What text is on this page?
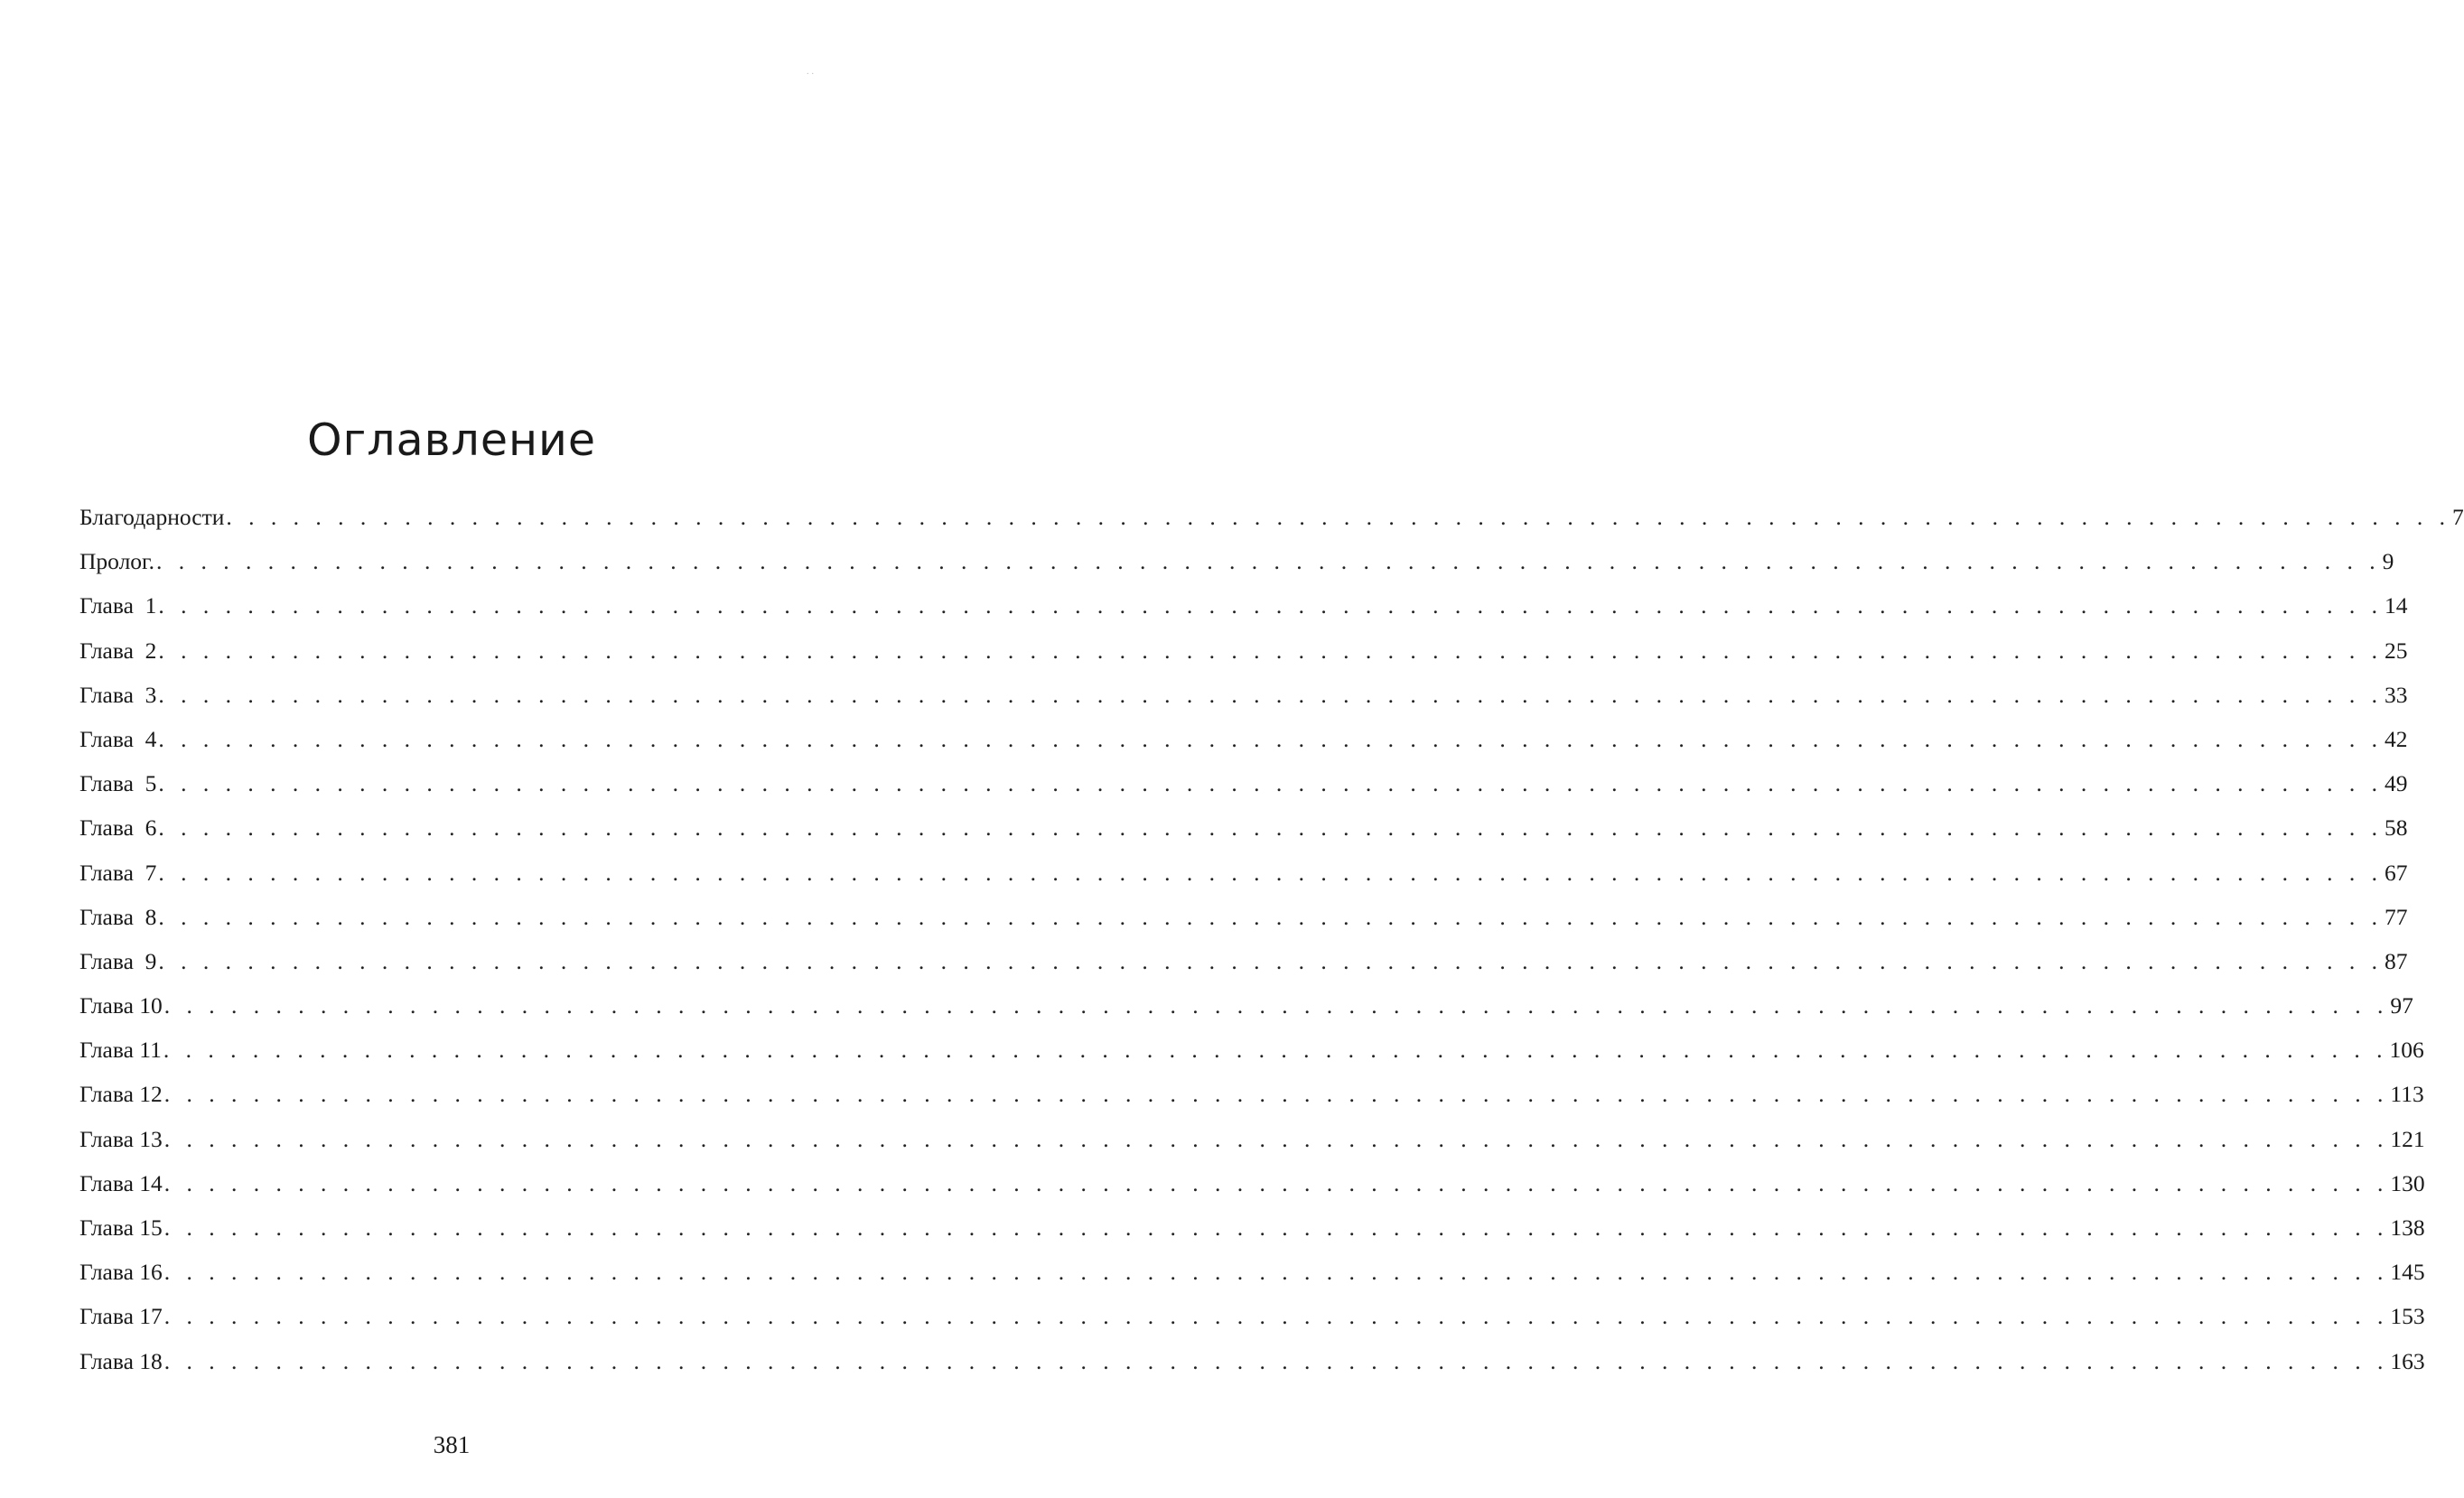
..
Оглавление
Благодарности . . . . . . . . . . . . . . . . . . . . . . . . . . . . . . . . . . . . . . . . . . . . . . . . . . . . . . . . . . . . . . . . . . . . . . . . . . . . . . . . . . . . . . . . . . . . . . . . . . . . 7
Пролог. . . . . . . . . . . . . . . . . . . . . . . . . . . . . . . . . . . . . . . . . . . . . . . . . . . . . . . . . . . . . . . . . . . . . . . . . . . . . . . . . . . . . . . . . . . . . . . . . . . . . 9
Глава  1 . . . . . . . . . . . . . . . . . . . . . . . . . . . . . . . . . . . . . . . . . . . . . . . . . . . . . . . . . . . . . . . . . . . . . . . . . . . . . . . . . . . . . . . . . . . . . . . . . . . . 14
Глава  2 . . . . . . . . . . . . . . . . . . . . . . . . . . . . . . . . . . . . . . . . . . . . . . . . . . . . . . . . . . . . . . . . . . . . . . . . . . . . . . . . . . . . . . . . . . . . . . . . . . . . 25
Глава  3 . . . . . . . . . . . . . . . . . . . . . . . . . . . . . . . . . . . . . . . . . . . . . . . . . . . . . . . . . . . . . . . . . . . . . . . . . . . . . . . . . . . . . . . . . . . . . . . . . . . . 33
Глава  4 . . . . . . . . . . . . . . . . . . . . . . . . . . . . . . . . . . . . . . . . . . . . . . . . . . . . . . . . . . . . . . . . . . . . . . . . . . . . . . . . . . . . . . . . . . . . . . . . . . . . 42
Глава  5 . . . . . . . . . . . . . . . . . . . . . . . . . . . . . . . . . . . . . . . . . . . . . . . . . . . . . . . . . . . . . . . . . . . . . . . . . . . . . . . . . . . . . . . . . . . . . . . . . . . . 49
Глава  6 . . . . . . . . . . . . . . . . . . . . . . . . . . . . . . . . . . . . . . . . . . . . . . . . . . . . . . . . . . . . . . . . . . . . . . . . . . . . . . . . . . . . . . . . . . . . . . . . . . . . 58
Глава  7 . . . . . . . . . . . . . . . . . . . . . . . . . . . . . . . . . . . . . . . . . . . . . . . . . . . . . . . . . . . . . . . . . . . . . . . . . . . . . . . . . . . . . . . . . . . . . . . . . . . . 67
Глава  8 . . . . . . . . . . . . . . . . . . . . . . . . . . . . . . . . . . . . . . . . . . . . . . . . . . . . . . . . . . . . . . . . . . . . . . . . . . . . . . . . . . . . . . . . . . . . . . . . . . . . 77
Глава  9 . . . . . . . . . . . . . . . . . . . . . . . . . . . . . . . . . . . . . . . . . . . . . . . . . . . . . . . . . . . . . . . . . . . . . . . . . . . . . . . . . . . . . . . . . . . . . . . . . . . . 87
Глава 10 . . . . . . . . . . . . . . . . . . . . . . . . . . . . . . . . . . . . . . . . . . . . . . . . . . . . . . . . . . . . . . . . . . . . . . . . . . . . . . . . . . . . . . . . . . . . . . . . . . . . 97
Глава 11 . . . . . . . . . . . . . . . . . . . . . . . . . . . . . . . . . . . . . . . . . . . . . . . . . . . . . . . . . . . . . . . . . . . . . . . . . . . . . . . . . . . . . . . . . . . . . . . . . . . . 106
Глава 12 . . . . . . . . . . . . . . . . . . . . . . . . . . . . . . . . . . . . . . . . . . . . . . . . . . . . . . . . . . . . . . . . . . . . . . . . . . . . . . . . . . . . . . . . . . . . . . . . . . . . 113
Глава 13 . . . . . . . . . . . . . . . . . . . . . . . . . . . . . . . . . . . . . . . . . . . . . . . . . . . . . . . . . . . . . . . . . . . . . . . . . . . . . . . . . . . . . . . . . . . . . . . . . . . . 121
Глава 14 . . . . . . . . . . . . . . . . . . . . . . . . . . . . . . . . . . . . . . . . . . . . . . . . . . . . . . . . . . . . . . . . . . . . . . . . . . . . . . . . . . . . . . . . . . . . . . . . . . . . 130
Глава 15 . . . . . . . . . . . . . . . . . . . . . . . . . . . . . . . . . . . . . . . . . . . . . . . . . . . . . . . . . . . . . . . . . . . . . . . . . . . . . . . . . . . . . . . . . . . . . . . . . . . . 138
Глава 16 . . . . . . . . . . . . . . . . . . . . . . . . . . . . . . . . . . . . . . . . . . . . . . . . . . . . . . . . . . . . . . . . . . . . . . . . . . . . . . . . . . . . . . . . . . . . . . . . . . . . 145
Глава 17 . . . . . . . . . . . . . . . . . . . . . . . . . . . . . . . . . . . . . . . . . . . . . . . . . . . . . . . . . . . . . . . . . . . . . . . . . . . . . . . . . . . . . . . . . . . . . . . . . . . . 153
Глава 18 . . . . . . . . . . . . . . . . . . . . . . . . . . . . . . . . . . . . . . . . . . . . . . . . . . . . . . . . . . . . . . . . . . . . . . . . . . . . . . . . . . . . . . . . . . . . . . . . . . . . 163
381
